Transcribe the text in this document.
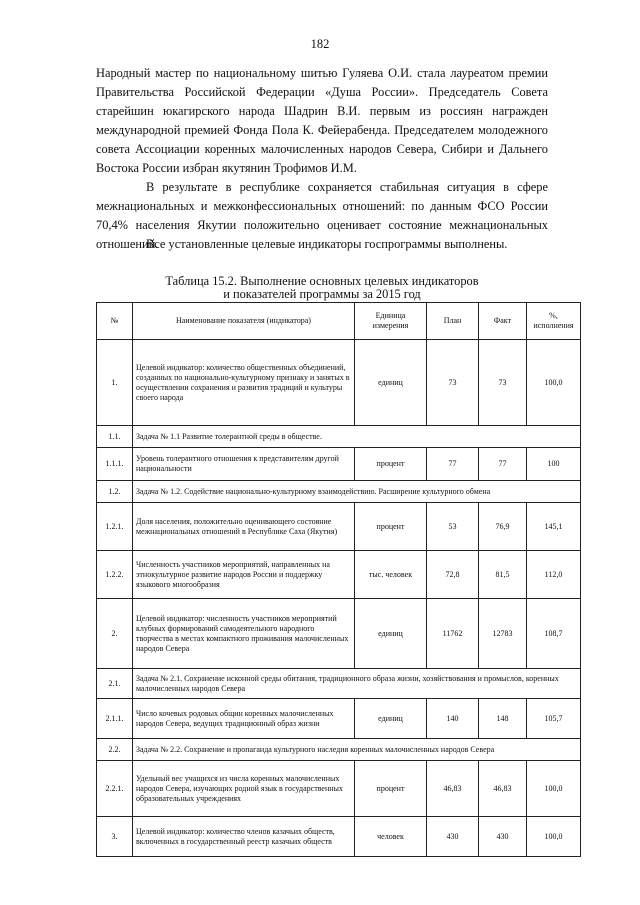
182

Народный мастер по национальному шитью Гуляева О.И. стала лауреатом премии Правительства Российской Федерации «Душа России». Председатель Совета старейшин юкагирского народа Шадрин В.И. первым из россиян награжден международной премией Фонда Пола К. Фейерабенда. Председателем молодежного совета Ассоциации коренных малочисленных народов Севера, Сибири и Дальнего Востока России избран якутянин Трофимов И.М.

В результате в республике сохраняется стабильная ситуация в сфере межнациональных и межконфессиональных отношений: по данным ФСО России 70,4% населения Якутии положительно оценивает состояние межнациональных отношений.

Все установленные целевые индикаторы госпрограммы выполнены.

Таблица 15.2. Выполнение основных целевых индикаторов
и показателей программы за 2015 год
№	Наименование показателя (индикатора)	Единица измерения	План	Факт	%, исполнения
1.	Целевой индикатор: количество общественных объединений, созданных по национально-культурному признаку и занятых в осуществлении сохранения и развития традиций и культуры своего народа	единиц	73	73	100,0
1.1.	Задача № 1.1 Развитие толерантной среды в обществе.				
1.1.1.	Уровень толерантного отношения к представителям другой национальности	процент	77	77	100
1.2.	Задача № 1.2. Содействие национально-культурному взаимодействию. Расширение культурного обмена				
1.2.1.	Доля населения, положительно оценивающего состояние межнациональных отношений в Республике Саха (Якутия)	процент	53	76,9	145,1
1.2.2.	Численность участников мероприятий, направленных на этнокультурное развитие народов России и поддержку языкового многообразия	тыс. человек	72,8	81,5	112,0
2.	Целевой индикатор: численность участников мероприятий клубных формирований самодеятельного народного творчества в местах компактного проживания малочисленных народов Севера	единиц	11762	12783	108,7
2.1.	Задача № 2.1. Сохранение исконной среды обитания, традиционного образа жизни, хозяйствования и промыслов, коренных малочисленных народов Севера				
2.1.1.	Число кочевых родовых общин коренных малочисленных народов Севера, ведущих традиционный образ жизни	единиц	140	148	105,7
2.2.	Задача № 2.2. Сохранение и пропаганда культурного наследия коренных малочисленных народов Севера				
2.2.1.	Удельный вес учащихся из числа коренных малочисленных народов Севера, изучающих родной язык в государственных образовательных учреждениях	процент	46,83	46,83	100,0
3.	Целевой индикатор: количество членов казачьих обществ, включенных в государственный реестр казачьих обществ	человек	430	430	100,0
